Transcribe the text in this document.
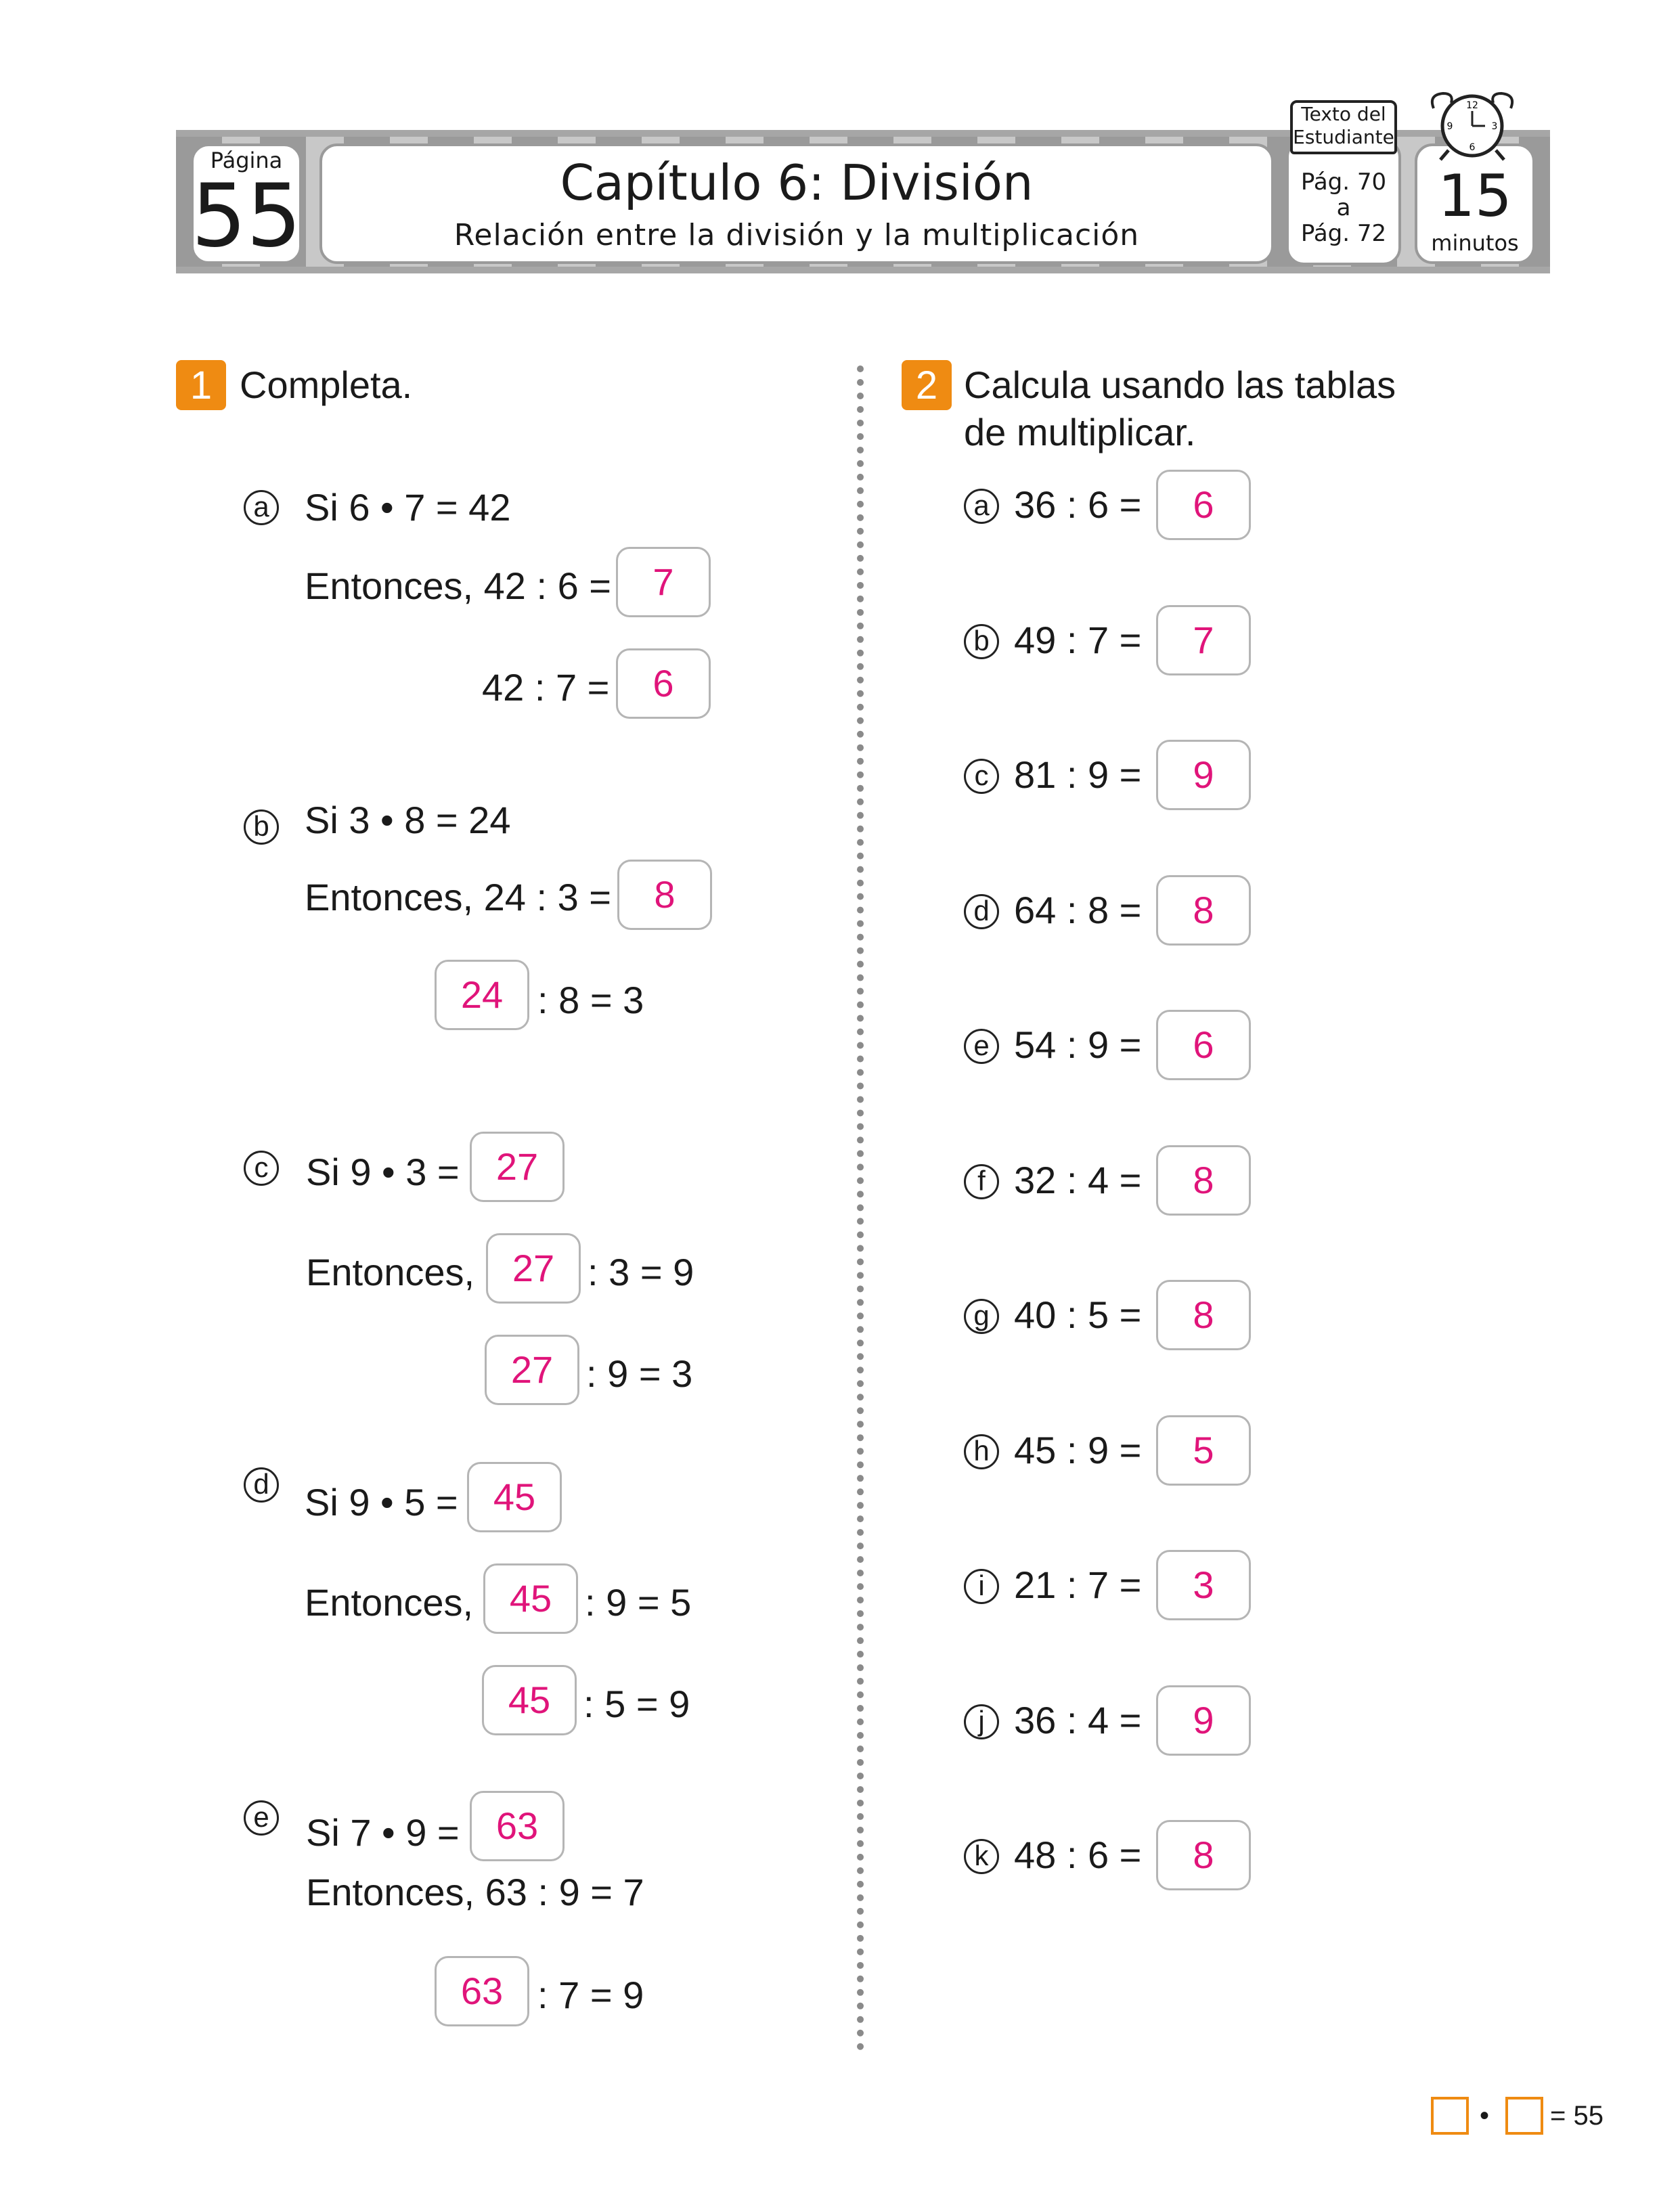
Página
55	Capítulo 6: División
Relación entre la división y la multiplicación
Texto del
Estudiante
Pág. 70
a
Pág. 72
12
3
6
9
15
minutos
1 Completa.
a Si 6 • 7 = 42
Entonces, 42 : 6 =	7
42 : 7 =	6
b Si 3 • 8 = 24
Entonces, 24 : 3 =	8
24 : 8 = 3
c Si 9 • 3 = 27
Entonces, 27 : 3 = 9
27 : 9 = 3
d Si 9 • 5 = 45
Entonces, 45 : 9 = 5
45 : 5 = 9
e Si 7 • 9 = 63
Entonces, 63 : 9 = 7
63 : 7 = 9
2 Calcula usando las tablas
de multiplicar.
a 36 : 6 =	6
b 49 : 7 =	7
c 81 : 9 =	9
d 64 : 8 =	8
e 54 : 9 =	6
f 32 : 4 =	8
g 40 : 5 =	8
h 45 : 9 =	5
i 21 : 7 =	3
j 36 : 4 =	9
k 48 : 6 =	8
• = 55
